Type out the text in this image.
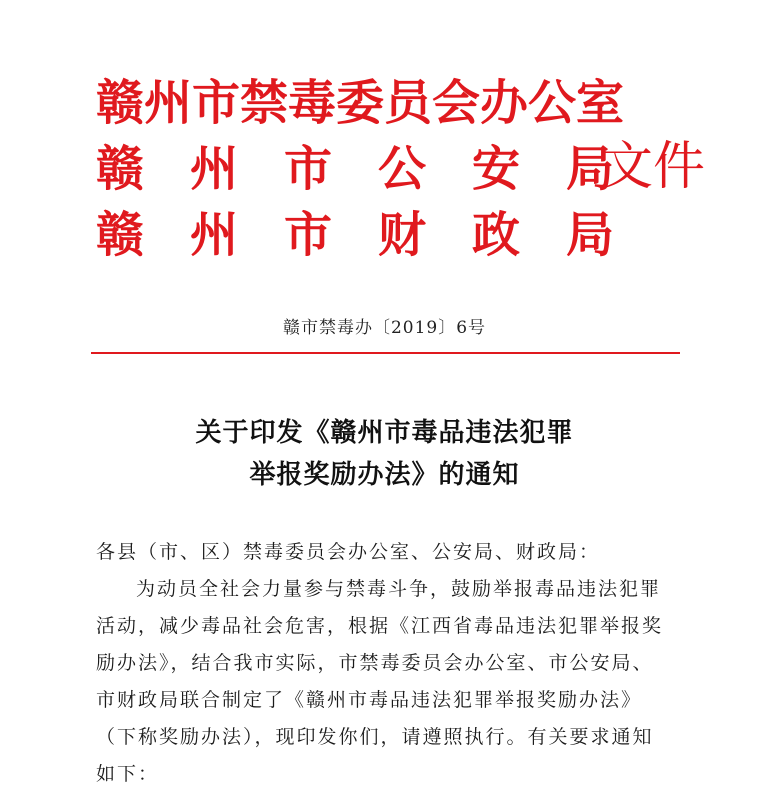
赣州市禁毒委员会办公室
赣 州 市 公 安 局
赣 州 市 财 政 局
文件
赣市禁毒办〔2019〕6号
关于印发《赣州市毒品违法犯罪
举报奖励办法》的通知
各县（市、区）禁毒委员会办公室、公安局、财政局：
为动员全社会力量参与禁毒斗争，鼓励举报毒品违法犯罪
活动，减少毒品社会危害，根据《江西省毒品违法犯罪举报奖
励办法》，结合我市实际，市禁毒委员会办公室、市公安局、
市财政局联合制定了《赣州市毒品违法犯罪举报奖励办法》
（下称奖励办法），现印发你们，请遵照执行。有关要求通知
如下：
